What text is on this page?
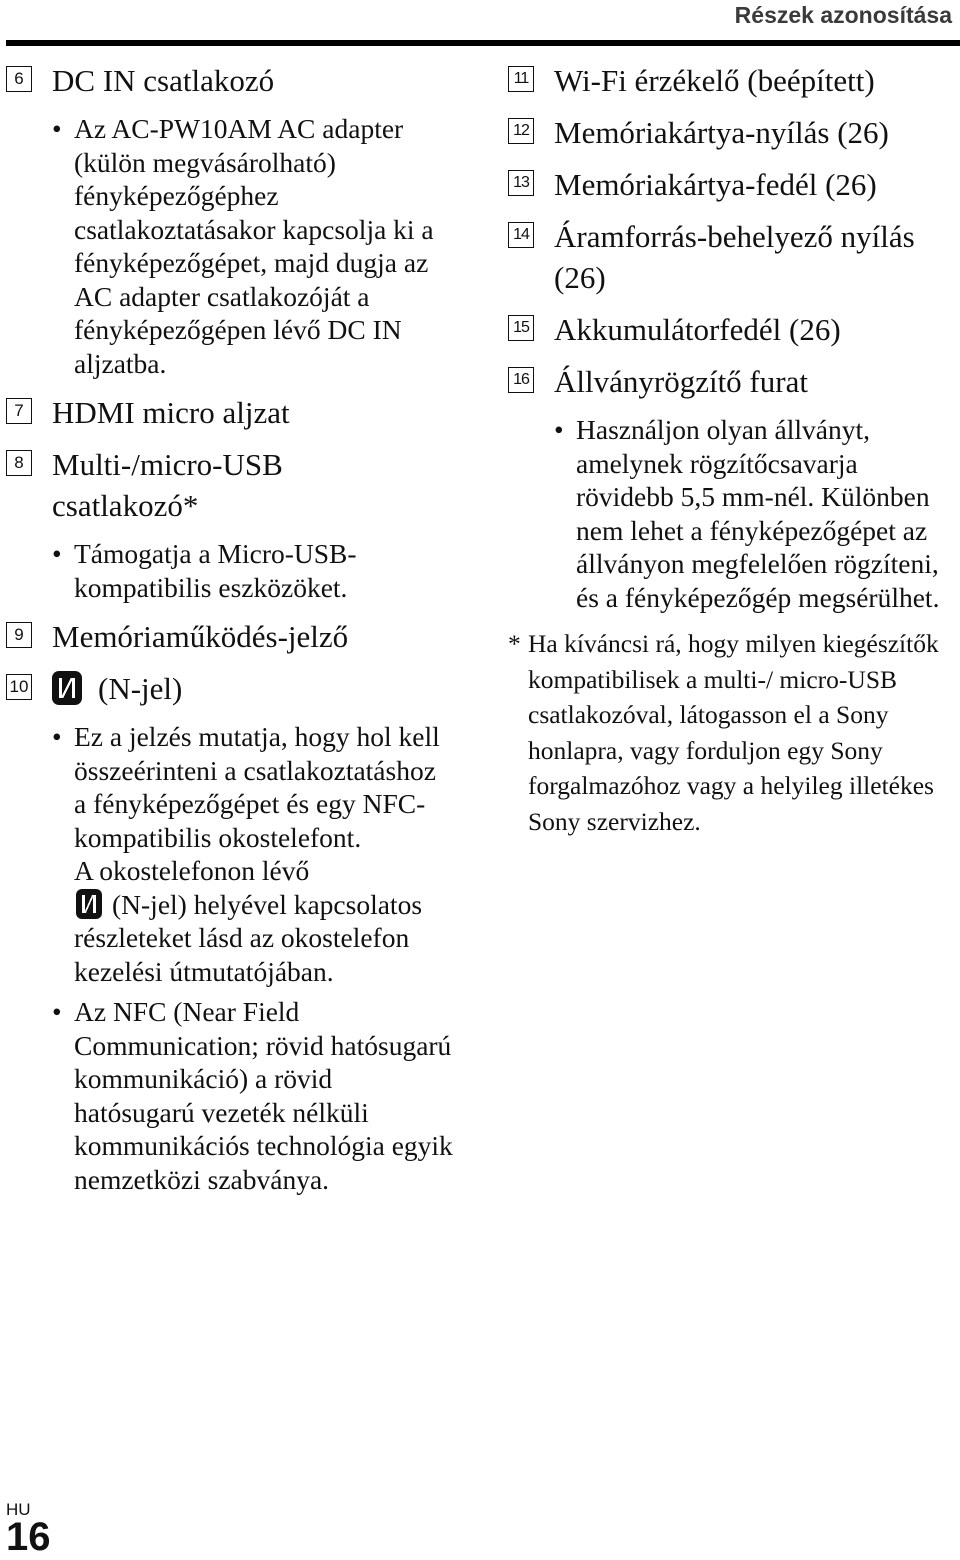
Részek azonosítása
6 DC IN csatlakozó
• Az AC-PW10AM AC adapter (külön megvásárolható) fényképezőgéphez csatlakoztatásakor kapcsolja ki a fényképezőgépet, majd dugja az AC adapter csatlakozóját a fényképezőgépen lévő DC IN aljzatba.
7 HDMI micro aljzat
8 Multi-/micro-USB csatlakozó*
• Támogatja a Micro-USB-kompatibilis eszközöket.
9 Memóriaműködés-jelző
10 (N-jel)
• Ez a jelzés mutatja, hogy hol kell összeérinteni a csatlakoztatáshoz a fényképezőgépet és egy NFC-kompatibilis okostelefont.
A okostelefonon lévő
(N-jel) helyével kapcsolatos részleteket lásd az okostelefon kezelési útmutatójában.
• Az NFC (Near Field Communication; rövid hatósugarú kommunikáció) a rövid hatósugarú vezeték nélküli kommunikációs technológia egyik nemzetközi szabványa.
11 Wi-Fi érzékelő (beépített)
12 Memóriakártya-nyílás (26)
13 Memóriakártya-fedél (26)
14 Áramforrás-behelyező nyílás (26)
15 Akkumulátorfedél (26)
16 Állványrögzítő furat
• Használjon olyan állványt, amelynek rögzítőcsavarja rövidebb 5,5 mm-nél. Különben nem lehet a fényképezőgépet az állványon megfelelően rögzíteni, és a fényképezőgép megsérülhet.
* Ha kíváncsi rá, hogy milyen kiegészítők kompatibilisek a multi-/ micro-USB csatlakozóval, látogasson el a Sony honlapra, vagy forduljon egy Sony forgalmazóhoz vagy a helyileg illetékes Sony szervizhez.
HU
16
